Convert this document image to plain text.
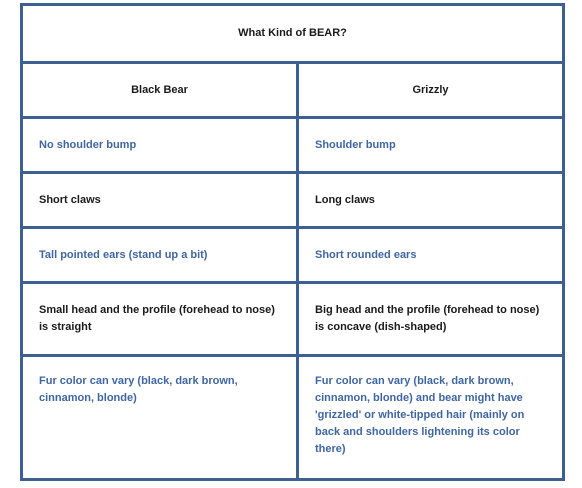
What Kind of BEAR?	
Black Bear	Grizzly
No shoulder bump	Shoulder bump
Short claws	Long claws
Tall pointed ears (stand up a bit)	Short rounded ears
Small head and the profile (forehead to nose) is straight	Big head and the profile (forehead to nose) is concave (dish-shaped)
Fur color can vary (black, dark brown, cinnamon, blonde)	Fur color can vary (black, dark brown, cinnamon, blonde) and bear might have 'grizzled' or white-tipped hair (mainly on back and shoulders lightening its color there)
